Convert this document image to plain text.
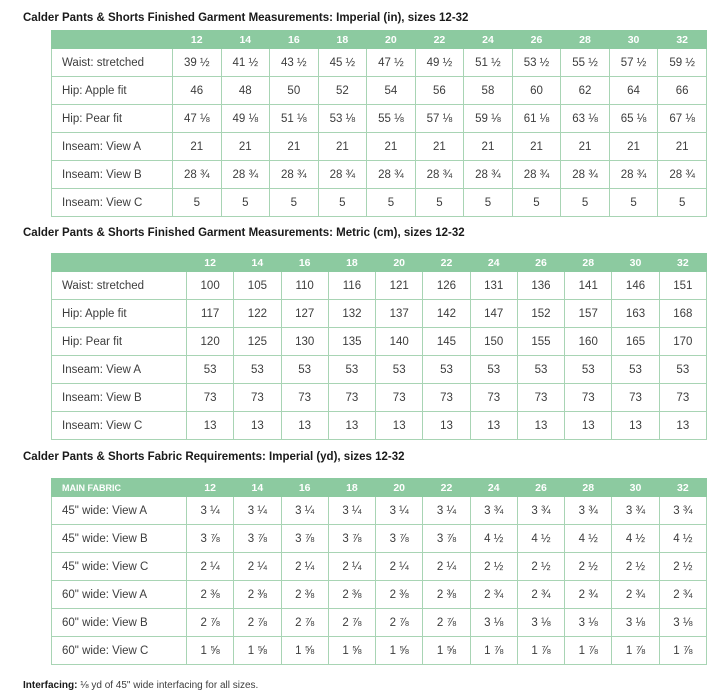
Calder Pants & Shorts Finished Garment Measurements: Imperial (in), sizes 12-32
	12	14	16	18	20	22	24	26	28	30	32
Waist: stretched	39 ½	41 ½	43 ½	45 ½	47 ½	49 ½	51 ½	53 ½	55 ½	57 ½	59 ½
Hip: Apple fit	46	48	50	52	54	56	58	60	62	64	66
Hip: Pear fit	47 ⅛	49 ⅛	51 ⅛	53 ⅛	55 ⅛	57 ⅛	59 ⅛	61 ⅛	63 ⅛	65 ⅛	67 ⅛
Inseam: View A	21	21	21	21	21	21	21	21	21	21	21
Inseam: View B	28 ¾	28 ¾	28 ¾	28 ¾	28 ¾	28 ¾	28 ¾	28 ¾	28 ¾	28 ¾	28 ¾
Inseam: View C	5	5	5	5	5	5	5	5	5	5	5
Calder Pants & Shorts Finished Garment Measurements: Metric (cm), sizes 12-32
	12	14	16	18	20	22	24	26	28	30	32
Waist: stretched	100	105	110	116	121	126	131	136	141	146	151
Hip: Apple fit	117	122	127	132	137	142	147	152	157	163	168
Hip: Pear fit	120	125	130	135	140	145	150	155	160	165	170
Inseam: View A	53	53	53	53	53	53	53	53	53	53	53
Inseam: View B	73	73	73	73	73	73	73	73	73	73	73
Inseam: View C	13	13	13	13	13	13	13	13	13	13	13
Calder Pants & Shorts Fabric Requirements: Imperial (yd), sizes 12-32
MAIN FABRIC	12	14	16	18	20	22	24	26	28	30	32
45" wide: View A	3 ¼	3 ¼	3 ¼	3 ¼	3 ¼	3 ¼	3 ¾	3 ¾	3 ¾	3 ¾	3 ¾
45" wide: View B	3 ⅞	3 ⅞	3 ⅞	3 ⅞	3 ⅞	3 ⅞	4 ½	4 ½	4 ½	4 ½	4 ½
45" wide: View C	2 ¼	2 ¼	2 ¼	2 ¼	2 ¼	2 ¼	2 ½	2 ½	2 ½	2 ½	2 ½
60" wide: View A	2 ⅜	2 ⅜	2 ⅜	2 ⅜	2 ⅜	2 ⅜	2 ¾	2 ¾	2 ¾	2 ¾	2 ¾
60" wide: View B	2 ⅞	2 ⅞	2 ⅞	2 ⅞	2 ⅞	2 ⅞	3 ⅛	3 ⅛	3 ⅛	3 ⅛	3 ⅛
60" wide: View C	1 ⅝	1 ⅝	1 ⅝	1 ⅝	1 ⅝	1 ⅝	1 ⅞	1 ⅞	1 ⅞	1 ⅞	1 ⅞
Interfacing: ⅛ yd of 45" wide interfacing for all sizes.
